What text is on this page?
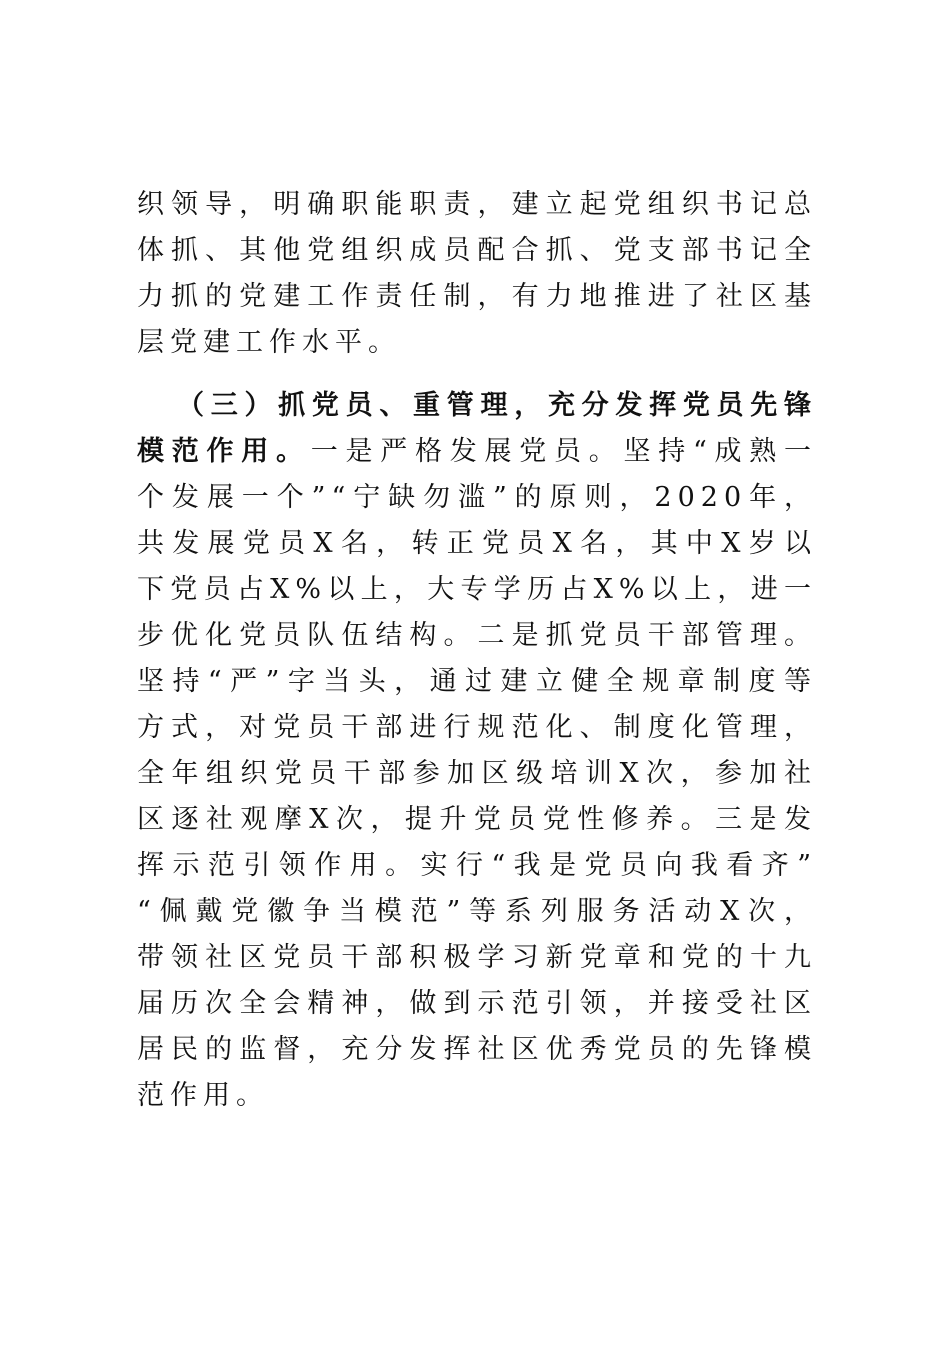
织领导，明确职能职责，建立起党组织书记总
体抓、其他党组织成员配合抓、党支部书记全
力抓的党建工作责任制，有力地推进了社区基
层党建工作水平。
（三）抓党员、重管理，充分发挥党员先锋
模范作用。一是严格发展党员。坚持“成熟一
个发展一个”“宁缺勿滥”的原则，2020年，
共发展党员X名，转正党员X名，其中X岁以
下党员占X%以上，大专学历占X%以上，进一
步优化党员队伍结构。二是抓党员干部管理。
坚持“严”字当头，通过建立健全规章制度等
方式，对党员干部进行规范化、制度化管理，
全年组织党员干部参加区级培训X次，参加社
区逐社观摩X次，提升党员党性修养。三是发
挥示范引领作用。实行“我是党员向我看齐”
“佩戴党徽争当模范”等系列服务活动X次，
带领社区党员干部积极学习新党章和党的十九
届历次全会精神，做到示范引领，并接受社区
居民的监督，充分发挥社区优秀党员的先锋模
范作用。
